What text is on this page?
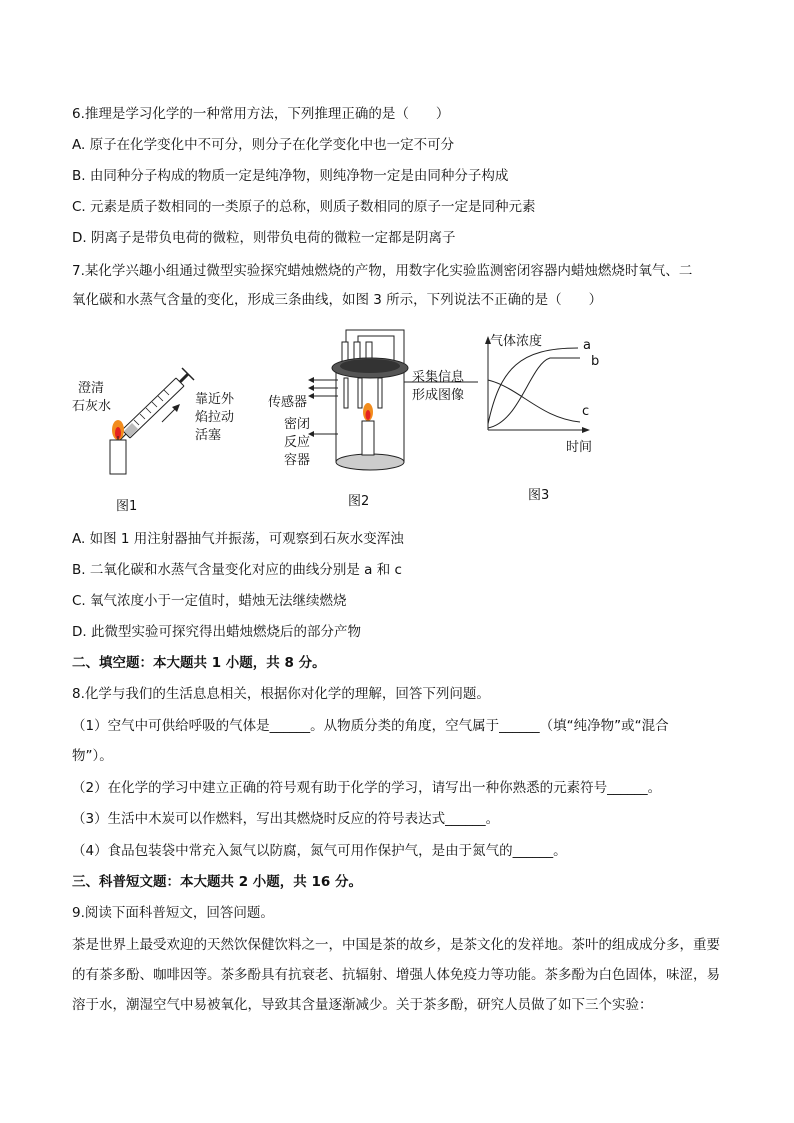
6.推理是学习化学的一种常用方法，下列推理正确的是（　　）
A. 原子在化学变化中不可分，则分子在化学变化中也一定不可分
B. 由同种分子构成的物质一定是纯净物，则纯净物一定是由同种分子构成
C. 元素是质子数相同的一类原子的总称，则质子数相同的原子一定是同种元素
D. 阴离子是带负电荷的微粒，则带负电荷的微粒一定都是阴离子
7.某化学兴趣小组通过微型实验探究蜡烛燃烧的产物，用数字化实验监测密闭容器内蜡烛燃烧时氧气、二
氧化碳和水蒸气含量的变化，形成三条曲线，如图 3 所示，下列说法不正确的是（　　）
澄清
石灰水	靠近外
焰拉动
活塞
图1
传感器
密闭
反应
容器
采集信息
形成图像
图2
气体浓度	a
b
c
时间
图3
A. 如图 1 用注射器抽气并振荡，可观察到石灰水变浑浊
B. 二氧化碳和水蒸气含量变化对应的曲线分别是 a 和 c
C. 氧气浓度小于一定值时，蜡烛无法继续燃烧
D. 此微型实验可探究得出蜡烛燃烧后的部分产物
二、填空题：本大题共 1 小题，共 8 分。
8.化学与我们的生活息息相关，根据你对化学的理解，回答下列问题。
（1）空气中可供给呼吸的气体是______。从物质分类的角度，空气属于______（填“纯净物”或“混合
物”）。
（2）在化学的学习中建立正确的符号观有助于化学的学习，请写出一种你熟悉的元素符号______。
（3）生活中木炭可以作燃料，写出其燃烧时反应的符号表达式______。
（4）食品包装袋中常充入氮气以防腐，氮气可用作保护气，是由于氮气的______。
三、科普短文题：本大题共 2 小题，共 16 分。
9.阅读下面科普短文，回答问题。
茶是世界上最受欢迎的天然饮保健饮料之一，中国是茶的故乡，是茶文化的发祥地。茶叶的组成成分多，重要的有茶多酚、咖啡因等。茶多酚具有抗衰老、抗辐射、增强人体免疫力等功能。茶多酚为白色固体，味涩，易溶于水，潮湿空气中易被氧化，导致其含量逐渐减少。关于茶多酚，研究人员做了如下三个实验：
